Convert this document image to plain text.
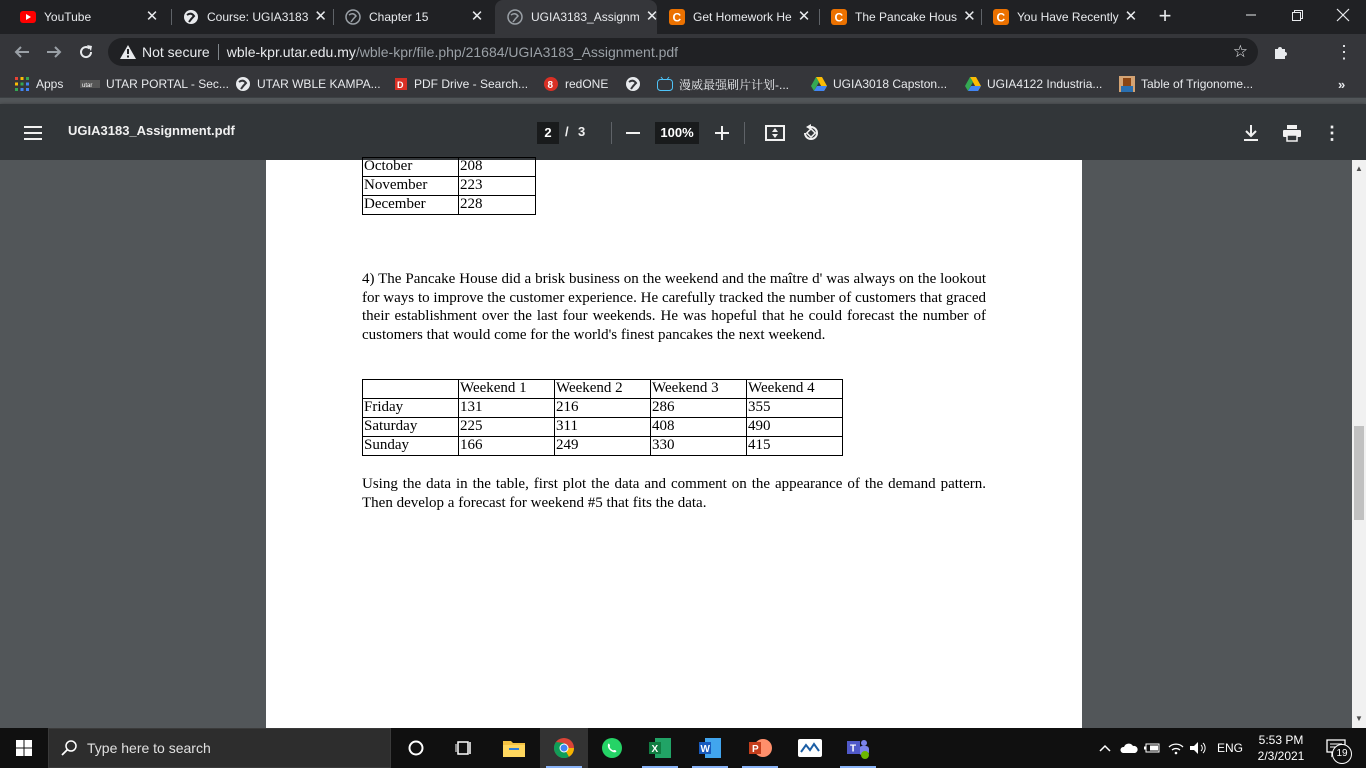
YouTube	✕	Course: UGIA3183 ✕	Chapter 15	✕	UGIA3183_Assignm ✕ C Get Homework He ✕ C The Pancake Hous ✕ C You Have Recently ✕ +
Not secure wble-kpr.utar.edu.my /wble-kpr/file.php/21684/UGIA3183_Assignment.pdf	☆	⋮
Apps	utar UTAR PORTAL - Sec... UTAR WBLE KAMPA... D PDF Drive - Search... 8 redONE	漫威最强刷片计划-...	UGIA3018 Capston...	UGIA4122 Industria...	Table of Trigonome...	»
UGIA3183_Assignment.pdf	2	/ 3	100%	⋮
October	208
November	223
December	228
4) The Pancake House did a brisk business on the weekend and the maître d' was always on the lookout for ways to improve the customer experience. He carefully tracked the number of customers that graced their establishment over the last four weekends. He was hopeful that he could forecast the number of customers that would come for the world's finest pancakes the next weekend.
	Weekend 1	Weekend 2	Weekend 3	Weekend 4
Friday	131	216	286	355
Saturday	225	311	408	490
Sunday	166	249	330	415
Using the data in the table, first plot the data and comment on the appearance of the demand pattern. Then develop a forecast for weekend #5 that fits the data.
▲
▼
Type here to search	X	W	P	T	ENG
5:53 PM
2/3/2021	19
